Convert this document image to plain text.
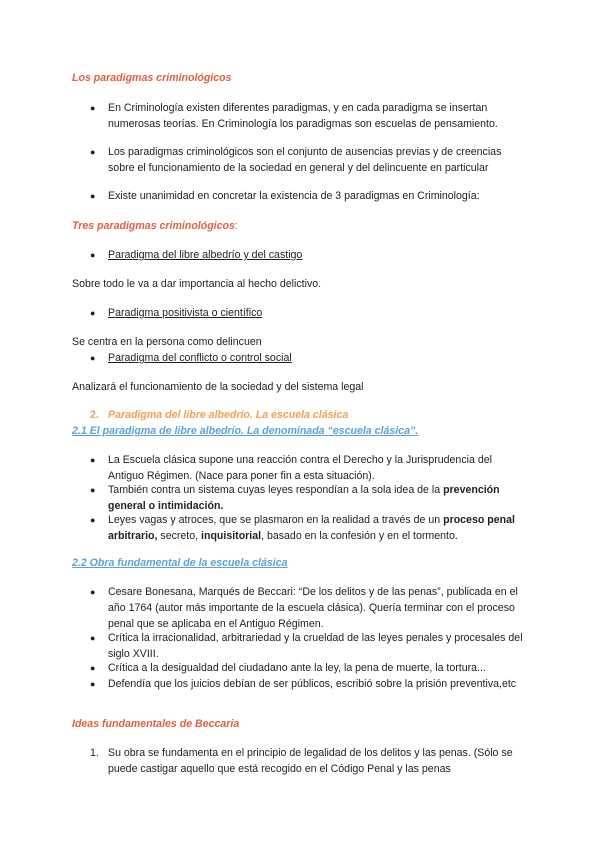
Los paradigmas criminológicos

● En Criminología existen diferentes paradigmas, y en cada paradigma se insertan numerosas teorías. En Criminología los paradigmas son escuelas de pensamiento.
● Los paradigmas criminológicos son el conjunto de ausencias previas y de creencias sobre el funcionamiento de la sociedad en general y del delincuente en particular
● Existe unanimidad en concretar la existencia de 3 paradigmas en Criminología:

Tres paradigmas criminológicos:

● Paradigma del libre albedrío y del castigo

Sobre todo le va a dar importancia al hecho delictivo.

● Paradigma positivista o científico

Se centra en la persona como delincuen

● Paradigma del conflicto o control social

Analizará el funcionamiento de la sociedad y del sistema legal

2. Paradigma del libre albedrío. La escuela clásica

2.1 El paradigma de libre albedrío. La denominada “escuela clásica”.

● La Escuela clásica supone una reacción contra el Derecho y la Jurisprudencia del Antiguo Régimen. (Nace para poner fin a esta situación).
● También contra un sistema cuyas leyes respondían a la sola idea de la prevención general o intimidación.
● Leyes vagas y atroces, que se plasmaron en la realidad a través de un proceso penal arbitrario, secreto, inquisitorial, basado en la confesión y en el tormento.

2.2 Obra fundamental de la escuela clásica

● Cesare Bonesana, Marqués de Beccari: “De los delitos y de las penas”, publicada en el año 1764 (autor más importante de la escuela clásica). Quería terminar con el proceso penal que se aplicaba en el Antiguo Régimen.
● Crítica la irracionalidad, arbitrariedad y la crueldad de las leyes penales y procesales del siglo XVIII.
● Crítica a la desigualdad del ciudadano ante la ley, la pena de muerte, la tortura...
● Defendía que los juicios debían de ser públicos, escribió sobre la prisión preventiva,etc

Ideas fundamentales de Beccaria

1. Su obra se fundamenta en el principio de legalidad de los delitos y las penas. (Sólo se puede castigar aquello que está recogido en el Código Penal y las penas
